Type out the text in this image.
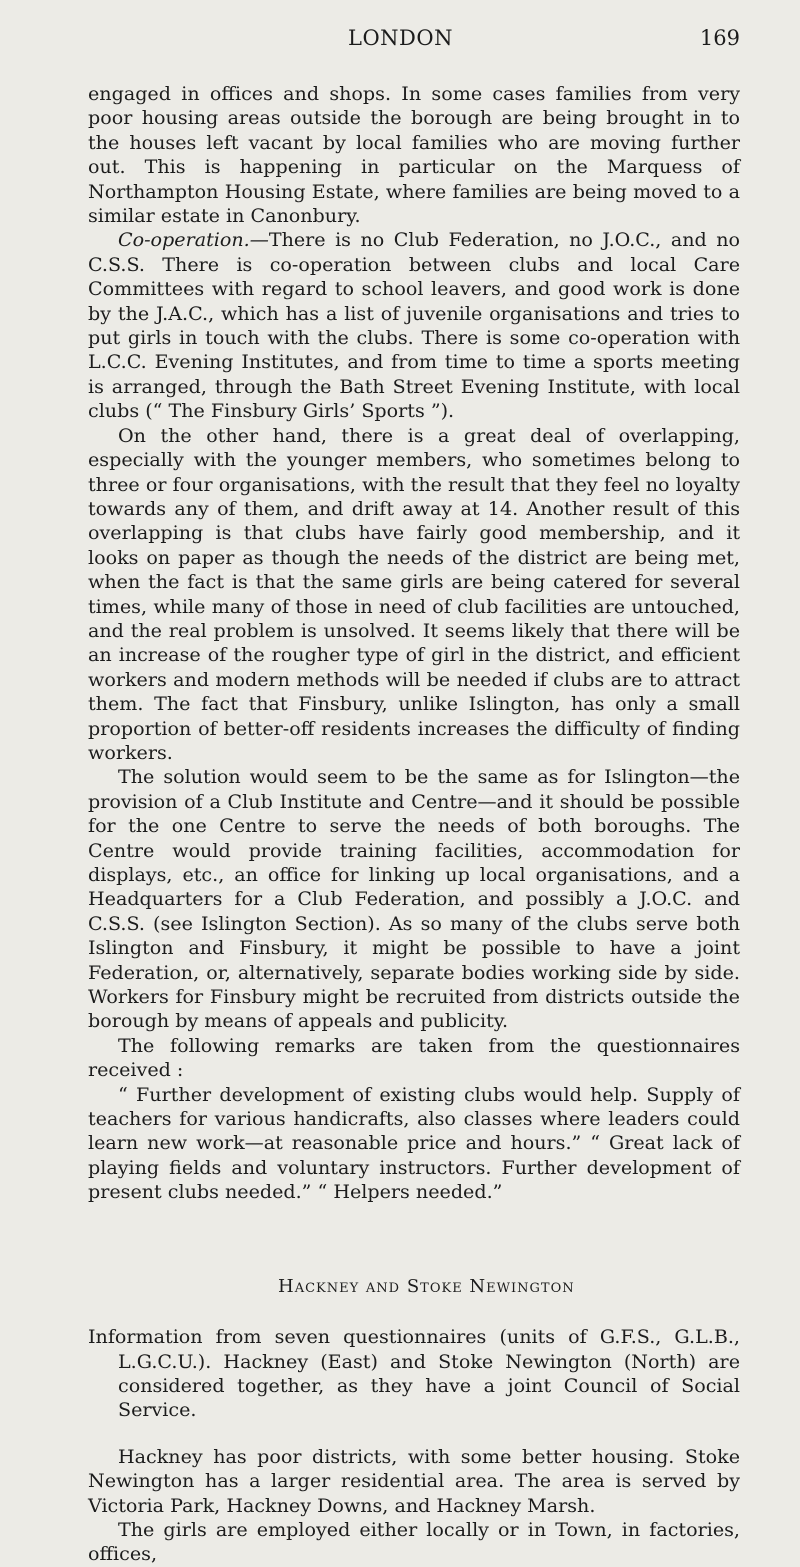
LONDON	169

engaged in offices and shops. In some cases families from very poor housing areas outside the borough are being brought in to the houses left vacant by local families who are moving further out. This is happening in particular on the Marquess of Northampton Housing Estate, where families are being moved to a similar estate in Canonbury.

Co-operation.—There is no Club Federation, no J.O.C., and no C.S.S. There is co-operation between clubs and local Care Committees with regard to school leavers, and good work is done by the J.A.C., which has a list of juvenile organisations and tries to put girls in touch with the clubs. There is some co-operation with L.C.C. Evening Institutes, and from time to time a sports meeting is arranged, through the Bath Street Evening Institute, with local clubs (“ The Finsbury Girls’ Sports ”).

On the other hand, there is a great deal of overlapping, especially with the younger members, who sometimes belong to three or four organisations, with the result that they feel no loyalty towards any of them, and drift away at 14. Another result of this overlapping is that clubs have fairly good membership, and it looks on paper as though the needs of the district are being met, when the fact is that the same girls are being catered for several times, while many of those in need of club facilities are untouched, and the real problem is unsolved. It seems likely that there will be an increase of the rougher type of girl in the district, and efficient workers and modern methods will be needed if clubs are to attract them. The fact that Finsbury, unlike Islington, has only a small proportion of better-off residents increases the difficulty of finding workers.

The solution would seem to be the same as for Islington—the provision of a Club Institute and Centre—and it should be possible for the one Centre to serve the needs of both boroughs. The Centre would provide training facilities, accommodation for displays, etc., an office for linking up local organisations, and a Headquarters for a Club Federation, and possibly a J.O.C. and C.S.S. (see Islington Section). As so many of the clubs serve both Islington and Finsbury, it might be possible to have a joint Federation, or, alternatively, separate bodies working side by side. Workers for Finsbury might be recruited from districts outside the borough by means of appeals and publicity.

The following remarks are taken from the questionnaires received :

“ Further development of existing clubs would help. Supply of teachers for various handicrafts, also classes where leaders could learn new work—at reasonable price and hours.” “ Great lack of playing fields and voluntary instructors. Further development of present clubs needed.” “ Helpers needed.”

Hackney and Stoke Newington

Information from seven questionnaires (units of G.F.S., G.L.B., L.G.C.U.). Hackney (East) and Stoke Newington (North) are considered together, as they have a joint Council of Social Service.

Hackney has poor districts, with some better housing. Stoke Newington has a larger residential area. The area is served by Victoria Park, Hackney Downs, and Hackney Marsh.

The girls are employed either locally or in Town, in factories, offices,
